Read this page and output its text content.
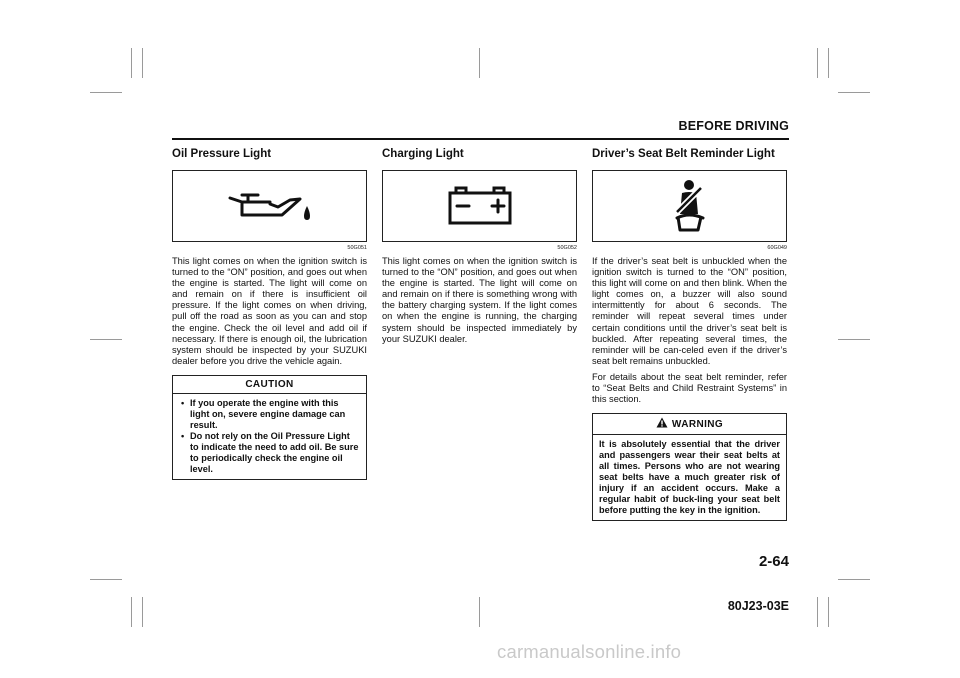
BEFORE DRIVING
Oil Pressure Light
50G051

This light comes on when the ignition switch is turned to the “ON” position, and goes out when the engine is started. The light will come on and remain on if there is insufficient oil pressure. If the light comes on when driving, pull off the road as soon as you can and stop the engine. Check the oil level and add oil if necessary. If there is enough oil, the lubrication system should be inspected by your SUZUKI dealer before you drive the vehicle again.

CAUTION
• If you operate the engine with this light on, severe engine damage can result.
• Do not rely on the Oil Pressure Light to indicate the need to add oil. Be sure to periodically check the engine oil level.
Charging Light
50G052

This light comes on when the ignition switch is turned to the “ON” position, and goes out when the engine is started. The light will come on and remain on if there is something wrong with the battery charging system. If the light comes on when the engine is running, the charging system should be inspected immediately by your SUZUKI dealer.

Driver’s Seat Belt Reminder Light
60G049

If the driver’s seat belt is unbuckled when the ignition switch is turned to the “ON” position, this light will come on and then blink. When the light comes on, a buzzer will also sound intermittently for about 6 seconds. The reminder will repeat several times under certain conditions until the driver’s seat belt is buckled. After repeating several times, the reminder will be can-celed even if the driver’s seat belt remains unbuckled.

For details about the seat belt reminder, refer to “Seat Belts and Child Restraint Systems” in this section.

WARNING

It is absolutely essential that the driver and passengers wear their seat belts at all times. Persons who are not wearing seat belts have a much greater risk of injury if an accident occurs. Make a regular habit of buck-ling your seat belt before putting the key in the ignition.

2-64
80J23-03E
carmanualsonline.info
